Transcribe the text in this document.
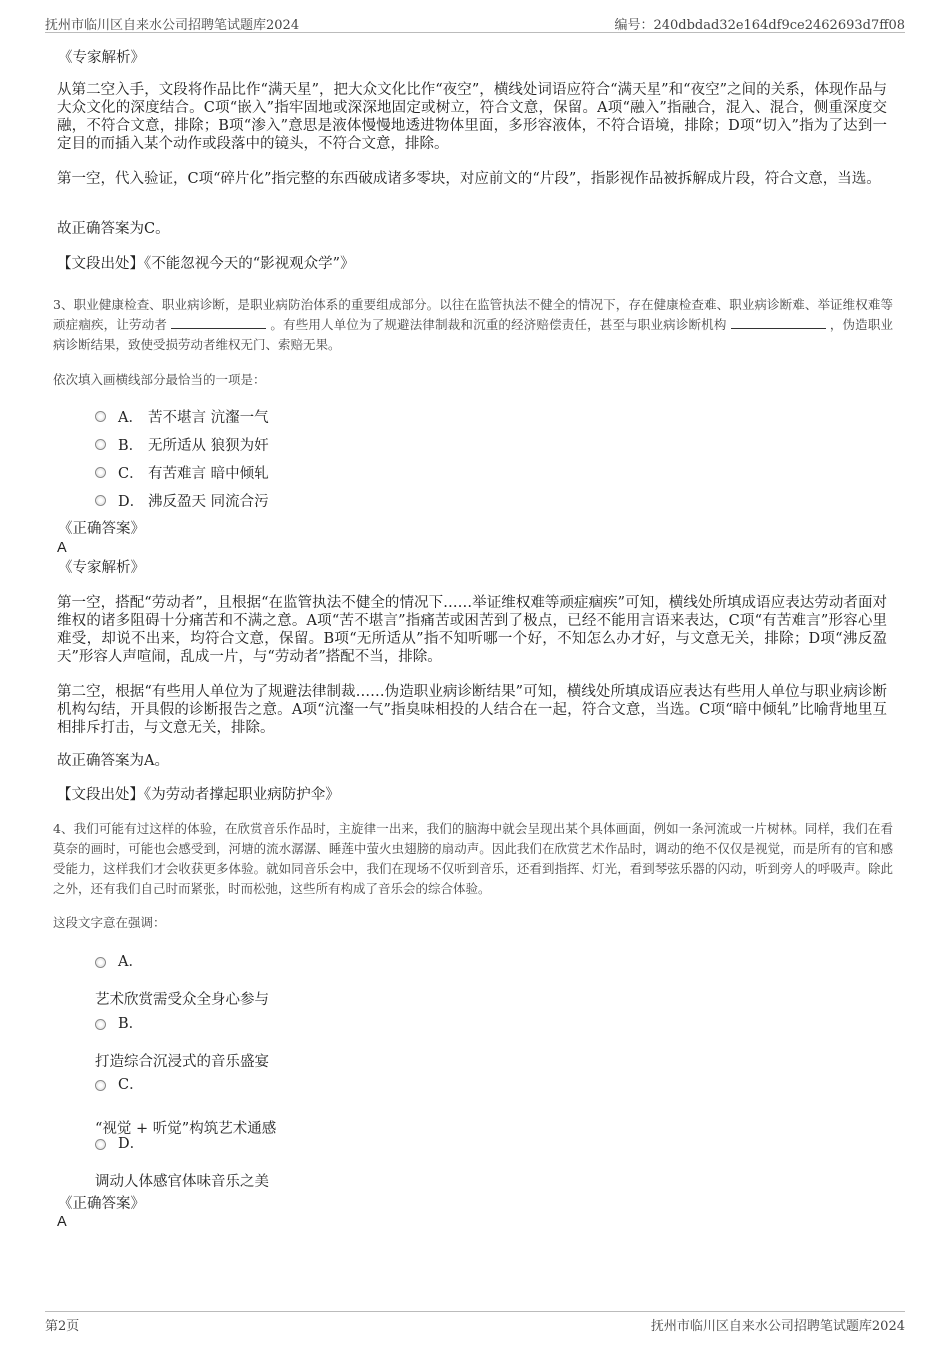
抚州市临川区自来水公司招聘笔试题库2024	编号：240dbdad32e164df9ce2462693d7ff08
《专家解析》
从第二空入手，文段将作品比作“满天星”，把大众文化比作“夜空”，横线处词语应符合“满天星”和“夜空”之间的关系，体现作品与大众文化的深度结合。C项“嵌入”指牢固地或深深地固定或树立，符合文意，保留。A项“融入”指融合，混入、混合，侧重深度交融，不符合文意，排除；B项“渗入”意思是液体慢慢地透进物体里面，多形容液体，不符合语境，排除；D项“切入”指为了达到一定目的而插入某个动作或段落中的镜头，不符合文意，排除。
第一空，代入验证，C项“碎片化”指完整的东西破成诸多零块，对应前文的“片段”，指影视作品被拆解成片段，符合文意，当选。
故正确答案为C。
【文段出处】《不能忽视今天的“影视观众学”》
3、职业健康检查、职业病诊断，是职业病防治体系的重要组成部分。以往在监管执法不健全的情况下，存在健康检查难、职业病诊断难、举证维权难等顽症痼疾，让劳动者	。有些用人单位为了规避法律制裁和沉重的经济赔偿责任，甚至与职业病诊断机构	，伪造职业病诊断结果，致使受损劳动者维权无门、索赔无果。
依次填入画横线部分最恰当的一项是：
A． 苦不堪言 沆瀣一气
B． 无所适从 狼狈为奸
C． 有苦难言 暗中倾轧
D． 沸反盈天 同流合污
《正确答案》
A
《专家解析》
第一空，搭配“劳动者”，且根据“在监管执法不健全的情况下……举证维权难等顽症痼疾”可知，横线处所填成语应表达劳动者面对维权的诸多阻碍十分痛苦和不满之意。A项“苦不堪言”指痛苦或困苦到了极点，已经不能用言语来表达，C项“有苦难言”形容心里难受，却说不出来，均符合文意，保留。B项“无所适从”指不知听哪一个好，不知怎么办才好，与文意无关，排除；D项“沸反盈天”形容人声喧闹，乱成一片，与“劳动者”搭配不当，排除。
第二空，根据“有些用人单位为了规避法律制裁……伪造职业病诊断结果”可知，横线处所填成语应表达有些用人单位与职业病诊断机构勾结，开具假的诊断报告之意。A项“沆瀣一气”指臭味相投的人结合在一起，符合文意，当选。C项“暗中倾轧”比喻背地里互相排斥打击，与文意无关，排除。
故正确答案为A。
【文段出处】《为劳动者撑起职业病防护伞》
4、我们可能有过这样的体验，在欣赏音乐作品时，主旋律一出来，我们的脑海中就会呈现出某个具体画面，例如一条河流或一片树林。同样，我们在看莫奈的画时，可能也会感受到，河塘的流水潺潺、睡莲中萤火虫翅膀的扇动声。因此我们在欣赏艺术作品时，调动的绝不仅仅是视觉，而是所有的官和感受能力，这样我们才会收获更多体验。就如同音乐会中，我们在现场不仅听到音乐，还看到指挥、灯光，看到琴弦乐器的闪动，听到旁人的呼吸声。除此之外，还有我们自己时而紧张，时而松弛，这些所有构成了音乐会的综合体验。
这段文字意在强调：
A．
艺术欣赏需受众全身心参与
B．
打造综合沉浸式的音乐盛宴
C．
“视觉 + 听觉”构筑艺术通感
D．
调动人体感官体味音乐之美
《正确答案》
A
第2页	抚州市临川区自来水公司招聘笔试题库2024
